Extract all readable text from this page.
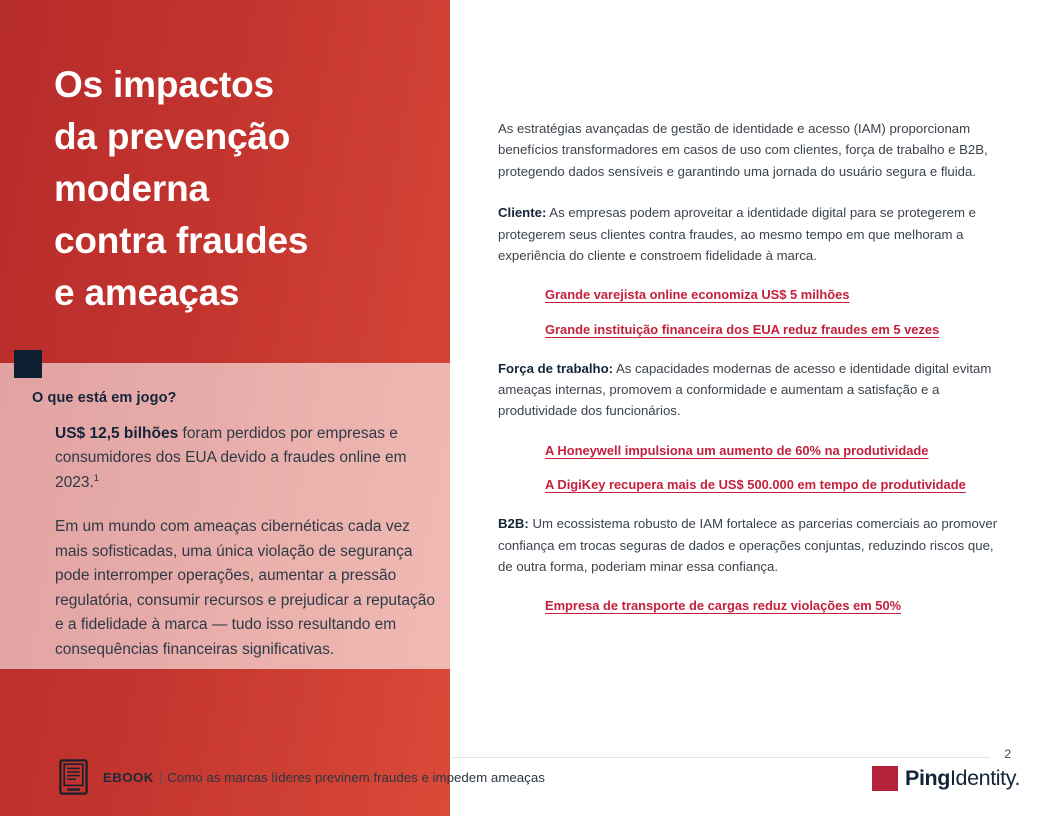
Os impactos
da prevenção
moderna
contra fraudes
e ameaças
O que está em jogo?

US$ 12,5 bilhões foram perdidos por empresas e consumidores dos EUA devido a fraudes online em 2023.$^1$

Em um mundo com ameaças cibernéticas cada vez mais sofisticadas, uma única violação de segurança pode interromper operações, aumentar a pressão regulatória, consumir recursos e prejudicar a reputação e a fidelidade à marca — tudo isso resultando em consequências financeiras significativas.

As estratégias avançadas de gestão de identidade e acesso (IAM) proporcionam benefícios transformadores em casos de uso com clientes, força de trabalho e B2B, protegendo dados sensíveis e garantindo uma jornada do usuário segura e fluida.

Cliente: As empresas podem aproveitar a identidade digital para se protegerem e protegerem seus clientes contra fraudes, ao mesmo tempo em que melhoram a experiência do cliente e constroem fidelidade à marca.

Grande varejista online economiza US$ 5 milhões
Grande instituição financeira dos EUA reduz fraudes em 5 vezes

Força de trabalho: As capacidades modernas de acesso e identidade digital evitam ameaças internas, promovem a conformidade e aumentam a satisfação e a produtividade dos funcionários.

A Honeywell impulsiona um aumento de 60% na produtividade
A DigiKey recupera mais de US$ 500.000 em tempo de produtividade

B2B: Um ecossistema robusto de IAM fortalece as parcerias comerciais ao promover confiança em trocas seguras de dados e operações conjuntas, reduzindo riscos que, de outra forma, poderiam minar essa confiança.

Empresa de transporte de cargas reduz violações em 50%
2
EBOOK | Como as marcas líderes previnem fraudes e impedem ameaças	PingIdentity.
